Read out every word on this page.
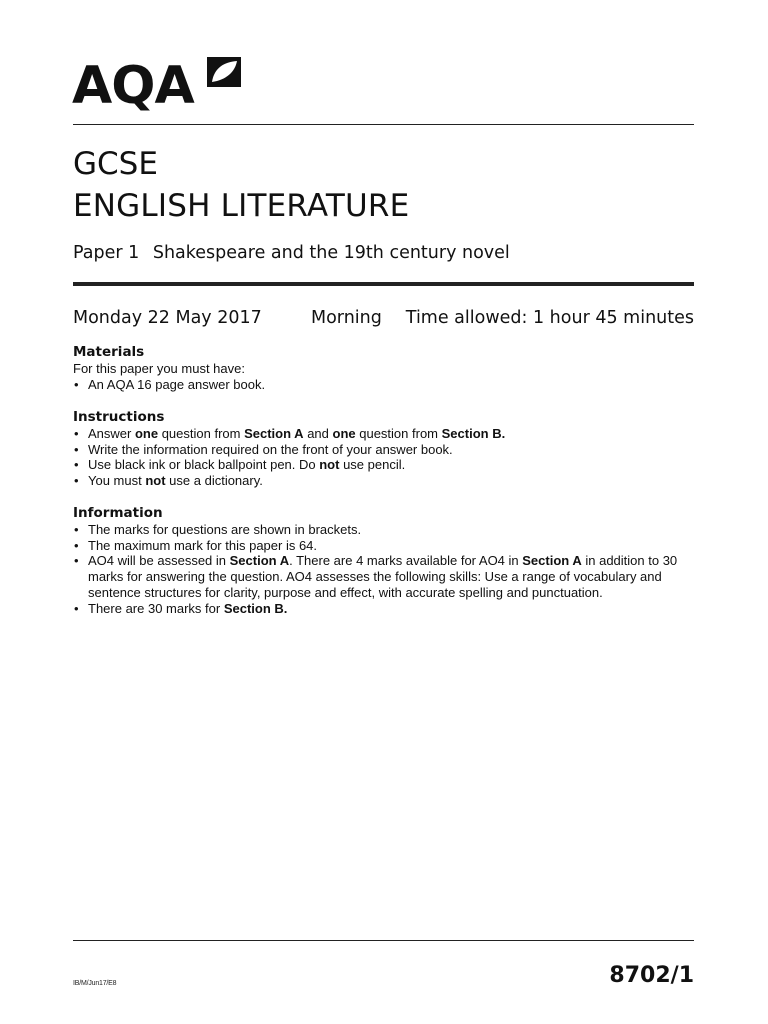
AQA
GCSE
ENGLISH LITERATURE
Paper 1 Shakespeare and the 19th century novel
Monday 22 May 2017	Morning Time allowed: 1 hour 45 minutes
Materials
For this paper you must have:
• An AQA 16 page answer book.
Instructions
• Answer one question from Section A and one question from Section B.
• Write the information required on the front of your answer book.
• Use black ink or black ballpoint pen. Do not use pencil.
• You must not use a dictionary.
Information
• The marks for questions are shown in brackets.
• The maximum mark for this paper is 64.
• AO4 will be assessed in Section A. There are 4 marks available for AO4 in Section A in addition to 30 marks for answering the question. AO4 assesses the following skills: Use a range of vocabulary and sentence structures for clarity, purpose and effect, with accurate spelling and punctuation.
• There are 30 marks for Section B.
IB/M/Jun17/E8	8702/1
